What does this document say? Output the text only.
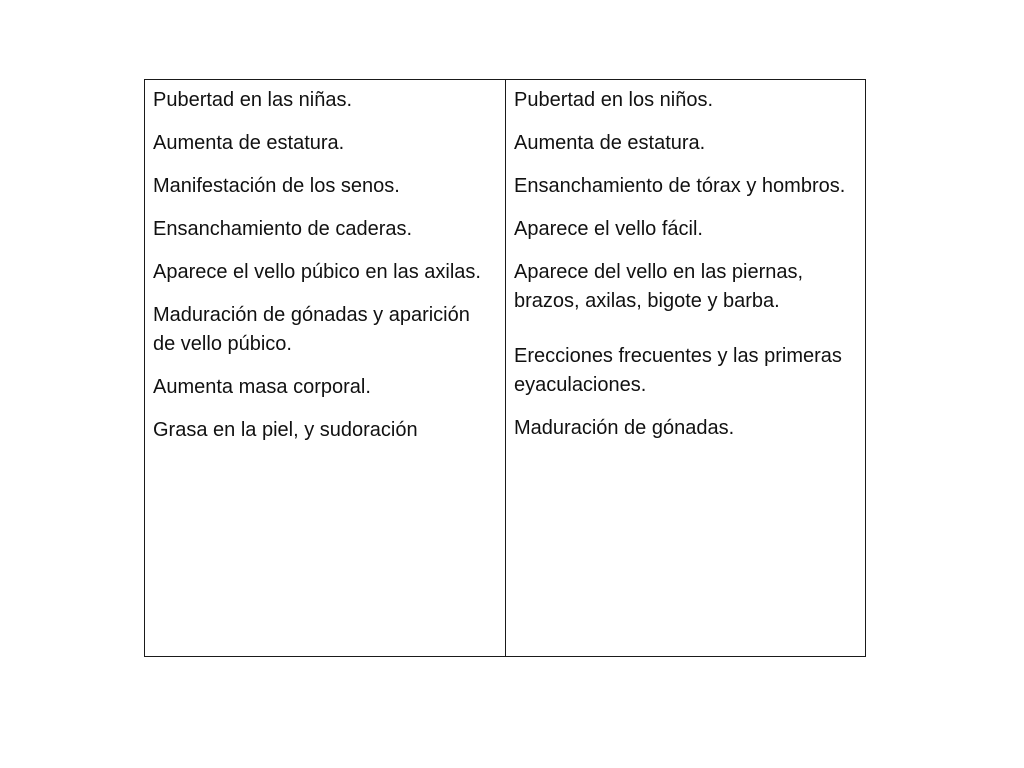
Pubertad en las niñas.
Aumenta de estatura.
Manifestación de los senos.
Ensanchamiento de caderas.
Aparece el vello púbico en las axilas.
Maduración de gónadas y aparición de vello púbico.
Aumenta masa corporal.
Grasa en la piel, y sudoración

Pubertad en los niños.
Aumenta de estatura.
Ensanchamiento de tórax y hombros.
Aparece el vello fácil.
Aparece del vello en las piernas, brazos, axilas, bigote y barba.
Erecciones frecuentes y las primeras eyaculaciones.
Maduración de gónadas.
